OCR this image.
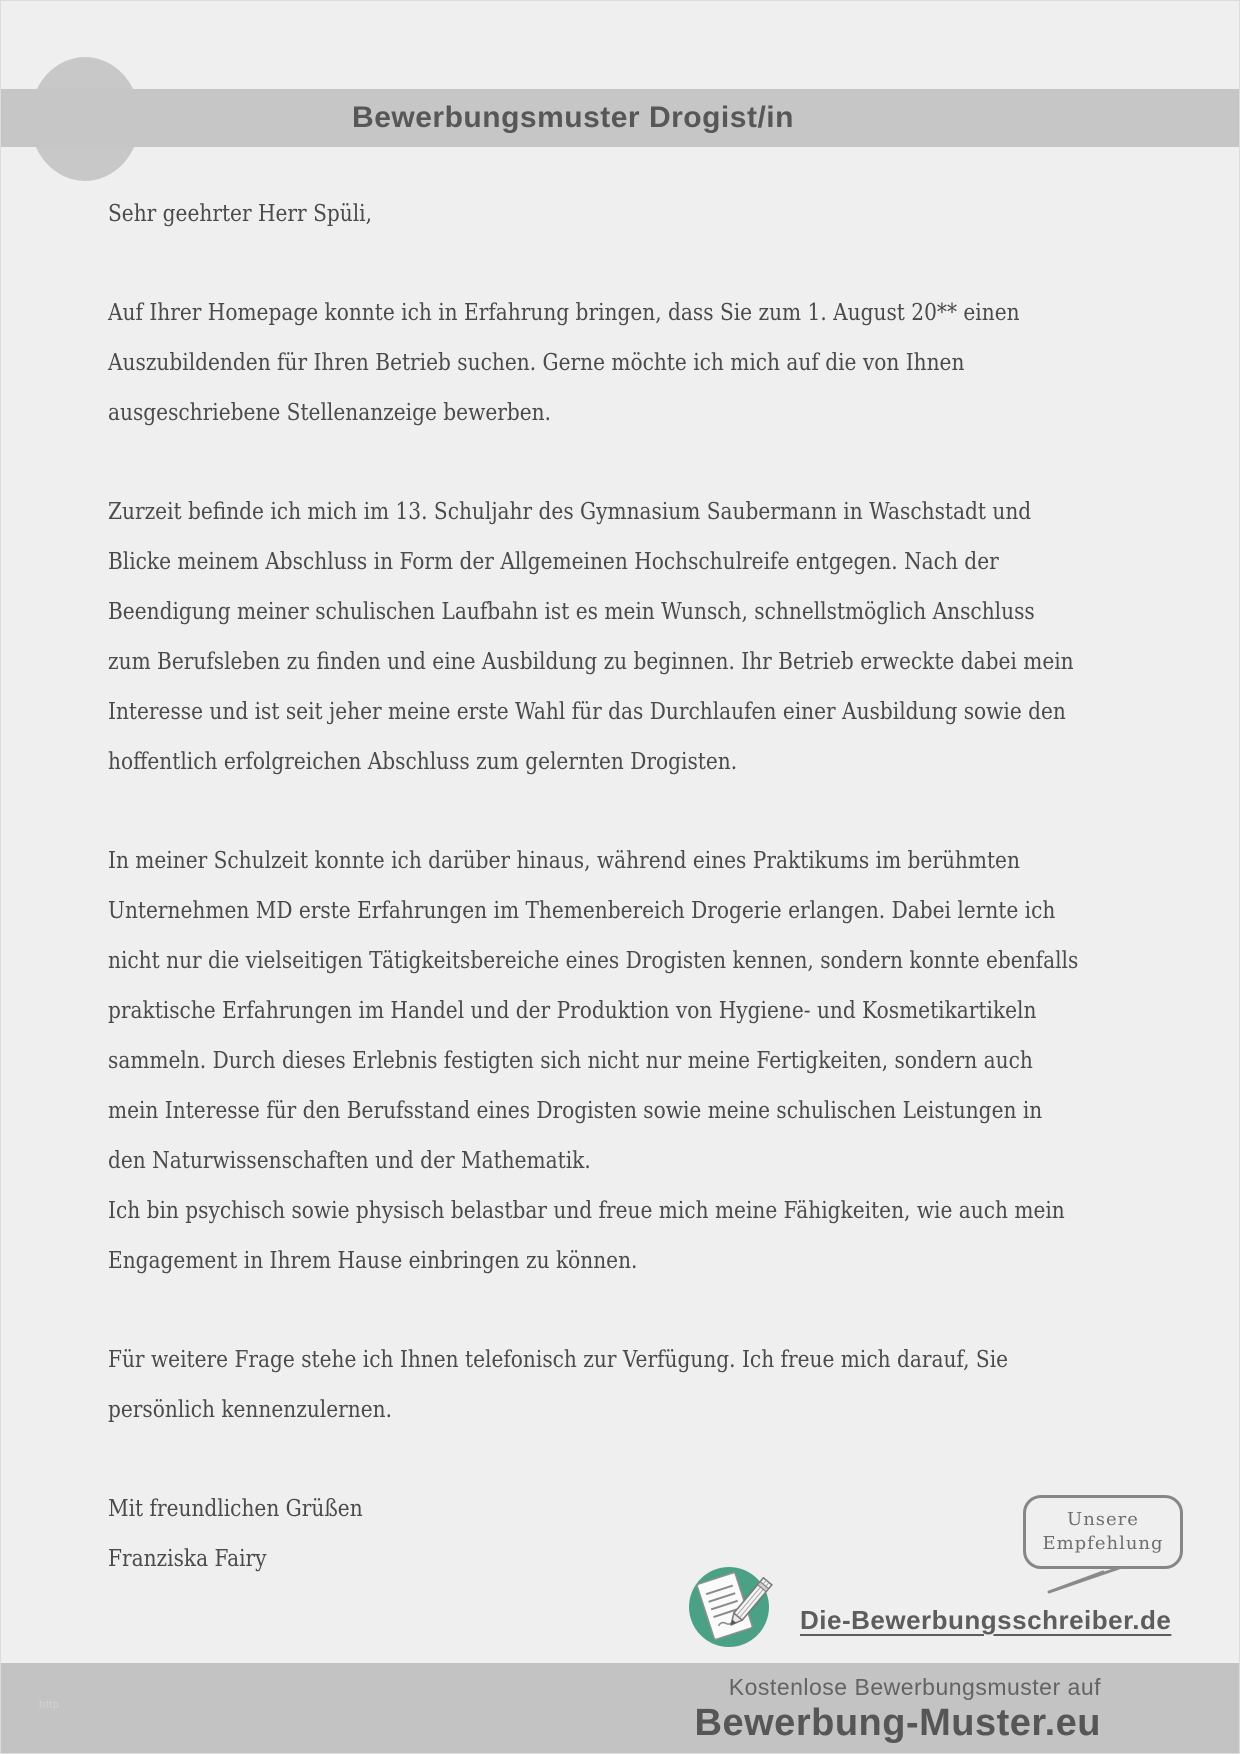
Bewerbungsmuster Drogist/in
Sehr geehrter Herr Spüli,
Auf Ihrer Homepage konnte ich in Erfahrung bringen, dass Sie zum 1. August 20** einen
Auszubildenden für Ihren Betrieb suchen. Gerne möchte ich mich auf die von Ihnen
ausgeschriebene Stellenanzeige bewerben.
Zurzeit befinde ich mich im 13. Schuljahr des Gymnasium Saubermann in Waschstadt und
Blicke meinem Abschluss in Form der Allgemeinen Hochschulreife entgegen. Nach der
Beendigung meiner schulischen Laufbahn ist es mein Wunsch, schnellstmöglich Anschluss
zum Berufsleben zu finden und eine Ausbildung zu beginnen. Ihr Betrieb erweckte dabei mein
Interesse und ist seit jeher meine erste Wahl für das Durchlaufen einer Ausbildung sowie den
hoffentlich erfolgreichen Abschluss zum gelernten Drogisten.
In meiner Schulzeit konnte ich darüber hinaus, während eines Praktikums im berühmten
Unternehmen MD erste Erfahrungen im Themenbereich Drogerie erlangen. Dabei lernte ich
nicht nur die vielseitigen Tätigkeitsbereiche eines Drogisten kennen, sondern konnte ebenfalls
praktische Erfahrungen im Handel und der Produktion von Hygiene- und Kosmetikartikeln
sammeln. Durch dieses Erlebnis festigten sich nicht nur meine Fertigkeiten, sondern auch
mein Interesse für den Berufsstand eines Drogisten sowie meine schulischen Leistungen in
den Naturwissenschaften und der Mathematik.
Ich bin psychisch sowie physisch belastbar und freue mich meine Fähigkeiten, wie auch mein
Engagement in Ihrem Hause einbringen zu können.
Für weitere Frage stehe ich Ihnen telefonisch zur Verfügung. Ich freue mich darauf, Sie
persönlich kennenzulernen.
Mit freundlichen Grüßen
Franziska Fairy
Unsere
Empfehlung
Die-Bewerbungsschreiber.de
Kostenlose Bewerbungsmuster auf
Bewerbung-Muster.eu
http
